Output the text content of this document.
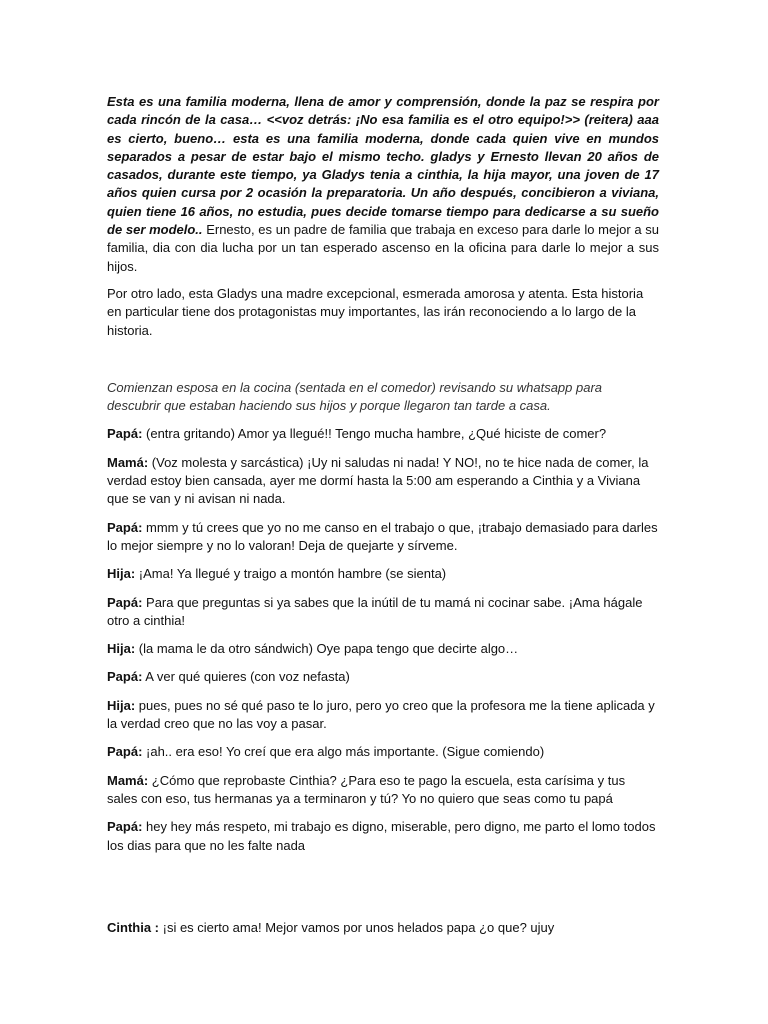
Esta es una familia moderna, llena de amor y comprensión, donde la paz se respira por cada rincón de la casa… <<voz detrás: ¡No esa familia es el otro equipo!>> (reitera) aaa es cierto, bueno… esta es una familia moderna, donde cada quien vive en mundos separados a pesar de estar bajo el mismo techo. gladys y Ernesto llevan 20 años de casados, durante este tiempo, ya Gladys tenia a cinthia, la hija mayor, una joven de 17 años quien cursa por 2 ocasión la preparatoria. Un año después, concibieron a viviana, quien tiene 16 años, no estudia, pues decide tomarse tiempo para dedicarse a su sueño de ser modelo.. Ernesto, es un padre de familia que trabaja en exceso para darle lo mejor a su familia, dia con dia lucha por un tan esperado ascenso en la oficina para darle lo mejor a sus hijos.

Por otro lado, esta Gladys una madre excepcional, esmerada amorosa y atenta. Esta historia en particular tiene dos protagonistas muy importantes, las irán reconociendo a lo largo de la historia.

Comienzan esposa en la cocina (sentada en el comedor) revisando su whatsapp para descubrir que estaban haciendo sus hijos y porque llegaron tan tarde a casa.

Papá: (entra gritando) Amor ya llegué!! Tengo mucha hambre, ¿Qué hiciste de comer?

Mamá: (Voz molesta y sarcástica) ¡Uy ni saludas ni nada! Y NO!, no te hice nada de comer, la verdad estoy bien cansada, ayer me dormí hasta la 5:00 am esperando a Cinthia y a Viviana que se van y ni avisan ni nada.

Papá: mmm y tú crees que yo no me canso en el trabajo o que, ¡trabajo demasiado para darles lo mejor siempre y no lo valoran! Deja de quejarte y sírveme.

Hija: ¡Ama! Ya llegué y traigo a montón hambre (se sienta)

Papá: Para que preguntas si ya sabes que la inútil de tu mamá ni cocinar sabe. ¡Ama hágale otro a cinthia!

Hija: (la mama le da otro sándwich) Oye papa tengo que decirte algo…

Papá: A ver qué quieres (con voz nefasta)

Hija: pues, pues no sé qué paso te lo juro, pero yo creo que la profesora me la tiene aplicada y la verdad creo que no las voy a pasar.

Papá: ¡ah.. era eso! Yo creí que era algo más importante. (Sigue comiendo)

Mamá: ¿Cómo que reprobaste Cinthia? ¿Para eso te pago la escuela, esta carísima y tus sales con eso, tus hermanas ya a terminaron y tú? Yo no quiero que seas como tu papá

Papá: hey hey más respeto, mi trabajo es digno, miserable, pero digno, me parto el lomo todos los dias para que no les falte nada

Cinthia : ¡si es cierto ama! Mejor vamos por unos helados papa ¿o que? ujuy
